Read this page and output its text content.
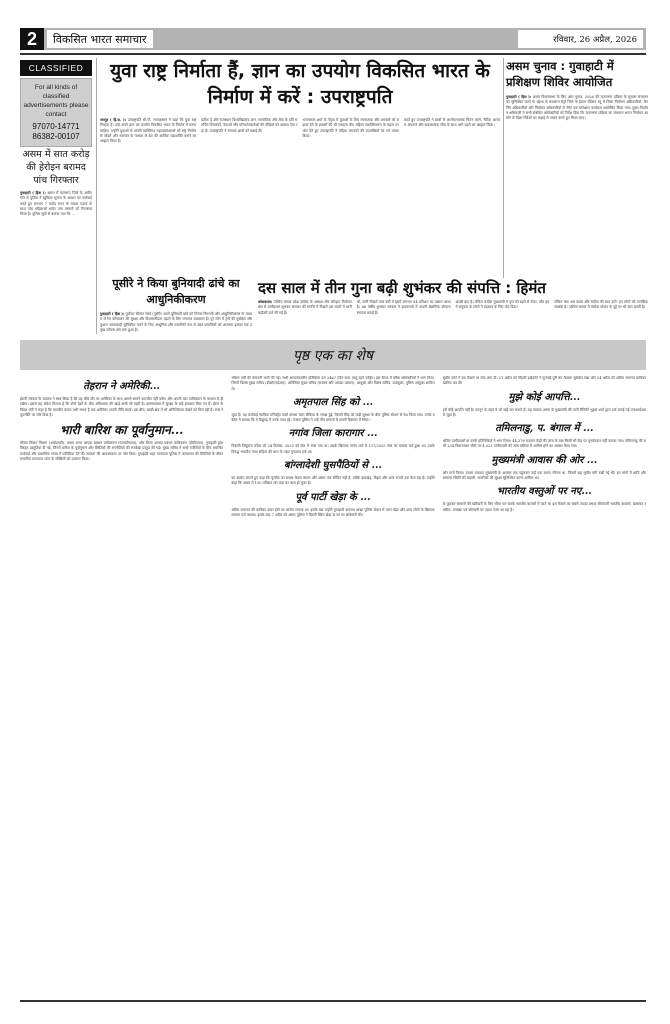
2	विकसित भारत समाचार	रविवार, 26 अप्रैल, 2026
CLASSIFIED
For all kinds of classified advertisements please contact
97070-14771
86382-00107
असम में सात करोड़ की हेरोइन बरामद पांच गिरफ्तार
गुवाहाटी ( हिस )। असम में कामरूप जिले के अमीनगांव में पुलिस ने खुफिया सूचना के आधार पर कार्रवाई करते हुए लगभग 7 करोड़ रुपए के मादक पदार्थ के साथ पांच महिलाओं समेत पांच तस्करों को गिरफ्तार किया है। पुलिस सूत्रों से बताया गया कि ...
युवा राष्ट्र निर्माता हैं, ज्ञान का उपयोग विकसित भारत के निर्माण में करें : उपराष्ट्रपति
जयपुर ( हि.स. )। उपराष्ट्रपति सी.पी. राधाकृष्णन ने कहा कि युवा राष्ट्र निर्माता हैं। उन्हें अपने ज्ञान का उपयोग विकसित भारत के निर्माण में करना चाहिए। उन्होंने युवाओं से अपनी व्यक्तिगत महत्वाकांक्षाओं को राष्ट्र निर्माण से जोड़ने और नवाचार के माध्यम से देश की आर्थिक महाशक्ति बनाने का आह्वान किया है।
प्रतीक है और राजस्थान विश्वविद्यालय ज्ञान, सामाजिक और सेवा के प्रति समर्पित विचारकों, नेताओं और परिवर्तनकर्ताओं की पीढ़ियों को आकार देता रहा है। उपराष्ट्रपति ने स्नातक छात्रों को बधाई दी।
भजनलाल शर्मा के नेतृत्व में युवाओं के लिए रचनात्मक और अवसरों को बढ़ावा देने के प्रयासों की भी सराहना की। महिला सशक्तिकरण के महत्व पर जोर देते हुए उपराष्ट्रपति ने महिला स्नातकों की उपलब्धियों पर गर्व व्यक्त किया।
करते हुए उपराष्ट्रपति ने छात्रों से आलोचनात्मक चिंतन करने, नैतिक आचरण अपनाने और सकारात्मक सोच के साथ आगे बढ़ने का आह्वान किया।
असम चुनाव : गुवाहाटी में प्रशिक्षण शिविर आयोजित
गुवाहाटी ( हिस )। असम विधानसभा के लिए आम चुनाव, 2026 की मतगणना प्रक्रिया के सुचारू संचालन को सुनिश्चित करने के उद्देश्य से कामरूप मेट्रो जिले के होटल रेडिसन ब्लू में जिला निर्वाचन अधिकारियों, रिटर्निंग अधिकारियों और निर्वाचन अधिकारियों के लिए एक प्रशिक्षण कार्यक्रम आयोजित किया गया। मुख्य निर्वाचन अधिकारी ने सभी संबंधित अधिकारियों को निर्देश दिया कि मतगणना प्रक्रिया का संचालन भारत निर्वाचन आयोग के दिशा-निर्देशों का कड़ाई से पालन करते हुए किया जाए।
पूसीरे ने किया बुनियादी ढांचे का आधुनिकीकरण
गुवाहाटी ( हिस )। पूर्वोत्तर सीमांत रेलवे (पूसीरे) अपने बुनियादी ढांचे को निरंतर निगरानी और आधुनिकीकरण के माध्यम से रेल परिचालन की सुरक्षा और विश्वसनीयता बढ़ाने के लिए लगातार प्रयासरत है। पूरे जोन में ट्रेनों की सुरक्षित और कुशल आवाजाही सुनिश्चित करने के लिए आधुनिक और तकनीकी रूप से उन्नत प्रणालियों को अपनाना इसका एक प्रमुख फोकस क्षेत्र बना हुआ है।
दस साल में तीन गुना बढ़ी शुभंकर की संपत्ति : हिमंत
कोलकाता। पश्चिम बंगाल प्रदेश कांग्रेस के अध्यक्ष और जोरहाट निर्वाचन क्षेत्र से उम्मीदवार शुभंकर सरकार की संपत्ति में पिछले दस सालों में भारी बढ़ोतरी दर्ज की गई है।
थी, यानी पिछले पांच वर्षों में इसमें लगभग 94 प्रतिशत का उछाल आया है। 66 वर्षीय शुभंकर सरकार ने हलफनामे में अपनी शैक्षणिक योग्यता स्नातक बताई है।
अच्छी बात है। लेकिन कांग्रेस मुख्यमंत्री ने तृण को बढ़ने से रोका, और हमने समुदाय के लोगों ने बदलाव के लिए वोट दिया।
लेकिन क्या अब काबा और मदीना की बात करें? इन लोगों को मानसिक समस्या है। पश्चिम बंगाल में कांग्रेस भोजन के मुद्दे पर भी बात करती है।
पृष्ठ एक का शेष
तेहरान ने अमेरिकी...
ईरानी सरकार के प्रवक्ता ने स्पष्ट किया है कि वह सीधे तौर पर अमेरिका के साथ आमने-सामने बातचीत नहीं करेगा और अपनी बात पाकिस्तान के माध्यम से ही रखेगा। इससे यह संकेत मिलता है कि दोनों देशों के बीच अविश्वास की खाई अभी भी गहरी है। इस्लामाबाद में सुरक्षा के कड़े इंतजाम किए गए हैं। ईरान के विदेश मंत्री ने कहा है कि बातचीत केवल तभी संभव है जब अमेरिका अपनी नीति बदले। इस बीच, खाड़ी क्षेत्र में भी अनिश्चितता देखने को मिल रही है। रूस ने कूटनीति पर जोर दिया है।
भारी बारिश का पूर्वानुमान...
मौसम विज्ञान विभाग (आईएमडी), असम राज्य आपदा प्रबंधन प्राधिकरण (एएसडीएमए), और जिला आपदा प्रबंधन प्राधिकरण (डीडीएमए), गुवाहाटी द्वारा विस्तृत प्रस्तुतियां दी गईं, जिनमें बारिश के पूर्वानुमान और स्थितियों की रणनीतियों की रूपरेखा प्रस्तुत की गई। मुख्य सचिव ने सभी एजेंसियों के बीच समन्वित कार्रवाई और वास्तविक समय में प्रतिक्रिया देने की तत्परता की आवश्यकता पर जोर दिया। गुवाहाटी शहर यातायात पुलिस ने जलभराव की स्थितियों के दौरान संभावित यातायात जाम के जोखिमों को उजागर किया।
भीषण गर्मी की चेतावनी जारी की गई। सभी आपातकालीन प्रतिक्रिया दल 24x7 (दिन-रात) चालू रहने चाहिए। इस बैठक में वरिष्ठ अधिकारियों ने भाग लिया, जिनमें विशेष मुख्य सचिव (डीओएनईआर), अतिरिक्त मुख्य सचिव (राजस्व और आपदा प्रबंधन), आयुक्त और विशेष सचिव, उपायुक्त, पुलिस आयुक्त शामिल थे।
अमृतपाल सिंह को ...
जुड़ा है। यह कार्रवाई न्यायिक मजिस्ट्रेट फर्स्ट क्लास चंदन सैकिया के समक्ष हुई, जिसमें सिंह को कड़ी सुरक्षा के बीच पुलिस स्टेशन से पेश किया गया। उनके वकील ने बताया कि वे डिब्रूगढ़ में उनके साथ रहे। पंजाब पुलिस ने उन्हें तीन मामलों में अपनी हिरासत में लिया।
नगांव जिला कारागार ...
निवासी जिबुराज कोंवर को 24 दिसंबर, 2025 को जेल में भेजा गया था। उसके खिलाफ नगांव थाने में 137/2025 नंबर का मामला दर्ज हुआ था। उसके विरुद्ध भारतीय न्याय संहिता की धारा के तहत मुकदमा दर्ज था।
बांग्लादेशी घुसपैठियों से ...
का आरोप लगाते हुए कहा कि घुसपैठ का प्रभाव केवल बंगाल और असम तक सीमित नहीं है, बल्कि झारखंड, बिहार और अन्य राज्यों तक फैल रहा है। उन्होंने कहा कि असम में 100 प्रतिशत तार बाड़ का काम हो चुका है।
पूर्व पार्टी खेड़ा के ...
अग्रिम जमानत की याचिका दायर होने का आरोप लगाया था। इसके बाद उन्होंने गुवाहाटी अपराध शाखा पुलिस स्टेशन में पवन खेड़ा और अन्य लोगों के खिलाफ मामला दर्ज कराया। इसके बाद 7 अप्रैल को असम पुलिस ने दिल्ली स्थित खेड़ा के घर पर छापेमारी की।
सुप्रीम कोर्ट ने उस फैसले पर रोक लगा दी। 21 अप्रैल को गौहाटी हाईकोर्ट ने सुनवाई पूरी कर फैसला सुरक्षित रखा और 24 अप्रैल को अग्रिम जमानत याचिका खारिज कर दी।
मुझे कोई आपत्ति...
हमें कोई आपत्ति नहीं है। कानून के तहत वे जो चाहें कर सकते हैं। यह मामला असम के मुख्यमंत्री की पत्नी रिनिकी भुइयां शर्मा द्वारा दर्ज कराई गई एफआईआर से जुड़ा है।
तमिलनाडु, प. बंगाल में ...
अंतिम उम्मीदवारों या उनके प्रतिनिधियों ने भाग लिया। 44,376 मतदान केंद्रों की जांच के बाद किसी भी केंद्र पर पुनर्मतदान नहीं कराया गया। तमिलनाडु की सभी 234 विधानसभा सीटों पर 4,023 उम्मीदवारों की जांच प्रक्रिया में शामिल होने का अवसर दिया गया।
मुख्यमंत्री आवास की ओर ...
और मार्च किया। उनका मकसद मुख्यमंत्री के आवास तक पहुंचकर उन्हें एक ज्ञापन सौंपना था, जिसमें छह सूत्रीय मांगें रखी गई थीं। इन मांगों में शांति और सामान्य स्थिति की बहाली, नागरिकों की सुरक्षा सुनिश्चित करना शामिल था।
भारतीय वस्तुओं पर नए...
के फुटकर सामानों की खरीदारी के लिए सीमा पार करके भारतीय बाजारों में जाते थे। इस फैसले का सबसे ज्यादा प्रभाव सीमावर्ती भारतीय बाजारों, खासकर रक्सौल, बनबसा एवं जोगबनी पर पड़ता नजर आ रहा है।
